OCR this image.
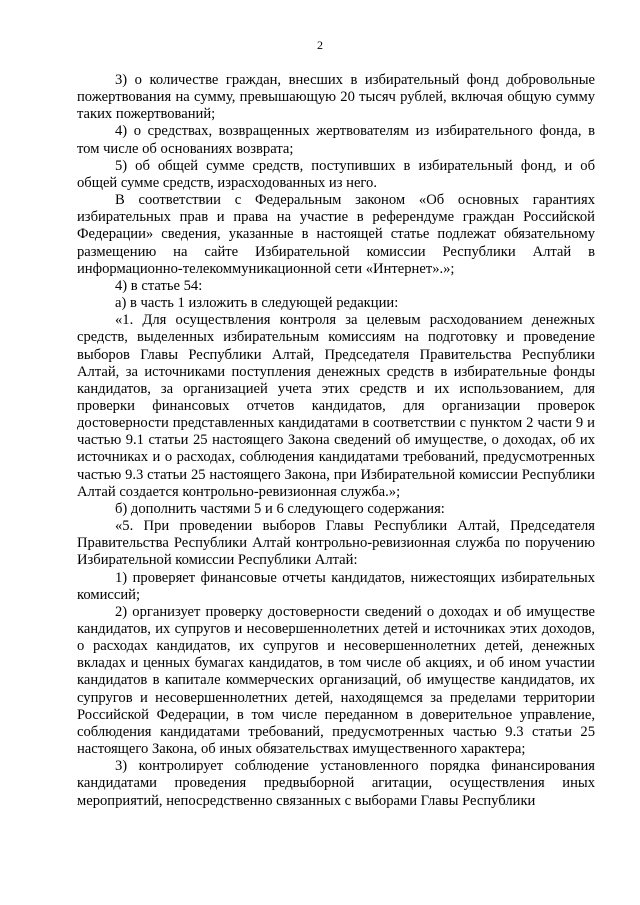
2

3) о количестве граждан, внесших в избирательный фонд добровольные пожертвования на сумму, превышающую 20 тысяч рублей, включая общую сумму таких пожертвований;

4) о средствах, возвращенных жертвователям из избирательного фонда, в том числе об основаниях возврата;

5) об общей сумме средств, поступивших в избирательный фонд, и об общей сумме средств, израсходованных из него.

В соответствии с Федеральным законом «Об основных гарантиях избирательных прав и права на участие в референдуме граждан Российской Федерации» сведения, указанные в настоящей статье подлежат обязательному размещению на сайте Избирательной комиссии Республики Алтай в информационно-телекоммуникационной сети «Интернет».»;

4) в статье 54:

а) в часть 1 изложить в следующей редакции:

«1. Для осуществления контроля за целевым расходованием денежных средств, выделенных избирательным комиссиям на подготовку и проведение выборов Главы Республики Алтай, Председателя Правительства Республики Алтай, за источниками поступления денежных средств в избирательные фонды кандидатов, за организацией учета этих средств и их использованием, для проверки финансовых отчетов кандидатов, для организации проверок достоверности представленных кандидатами в соответствии с пунктом 2 части 9 и частью 9.1 статьи 25 настоящего Закона сведений об имуществе, о доходах, об их источниках и о расходах, соблюдения кандидатами требований, предусмотренных частью 9.3 статьи 25 настоящего Закона, при Избирательной комиссии Республики Алтай создается контрольно-ревизионная служба.»;

б) дополнить частями 5 и 6 следующего содержания:

«5. При проведении выборов Главы Республики Алтай, Председателя Правительства Республики Алтай контрольно-ревизионная служба по поручению Избирательной комиссии Республики Алтай:

1) проверяет финансовые отчеты кандидатов, нижестоящих избирательных комиссий;

2) организует проверку достоверности сведений о доходах и об имуществе кандидатов, их супругов и несовершеннолетних детей и источниках этих доходов, о расходах кандидатов, их супругов и несовершеннолетних детей, денежных вкладах и ценных бумагах кандидатов, в том числе об акциях, и об ином участии кандидатов в капитале коммерческих организаций, об имуществе кандидатов, их супругов и несовершеннолетних детей, находящемся за пределами территории Российской Федерации, в том числе переданном в доверительное управление, соблюдения кандидатами требований, предусмотренных частью 9.3 статьи 25 настоящего Закона, об иных обязательствах имущественного характера;

3) контролирует соблюдение установленного порядка финансирования кандидатами проведения предвыборной агитации, осуществления иных мероприятий, непосредственно связанных с выборами Главы Республики
